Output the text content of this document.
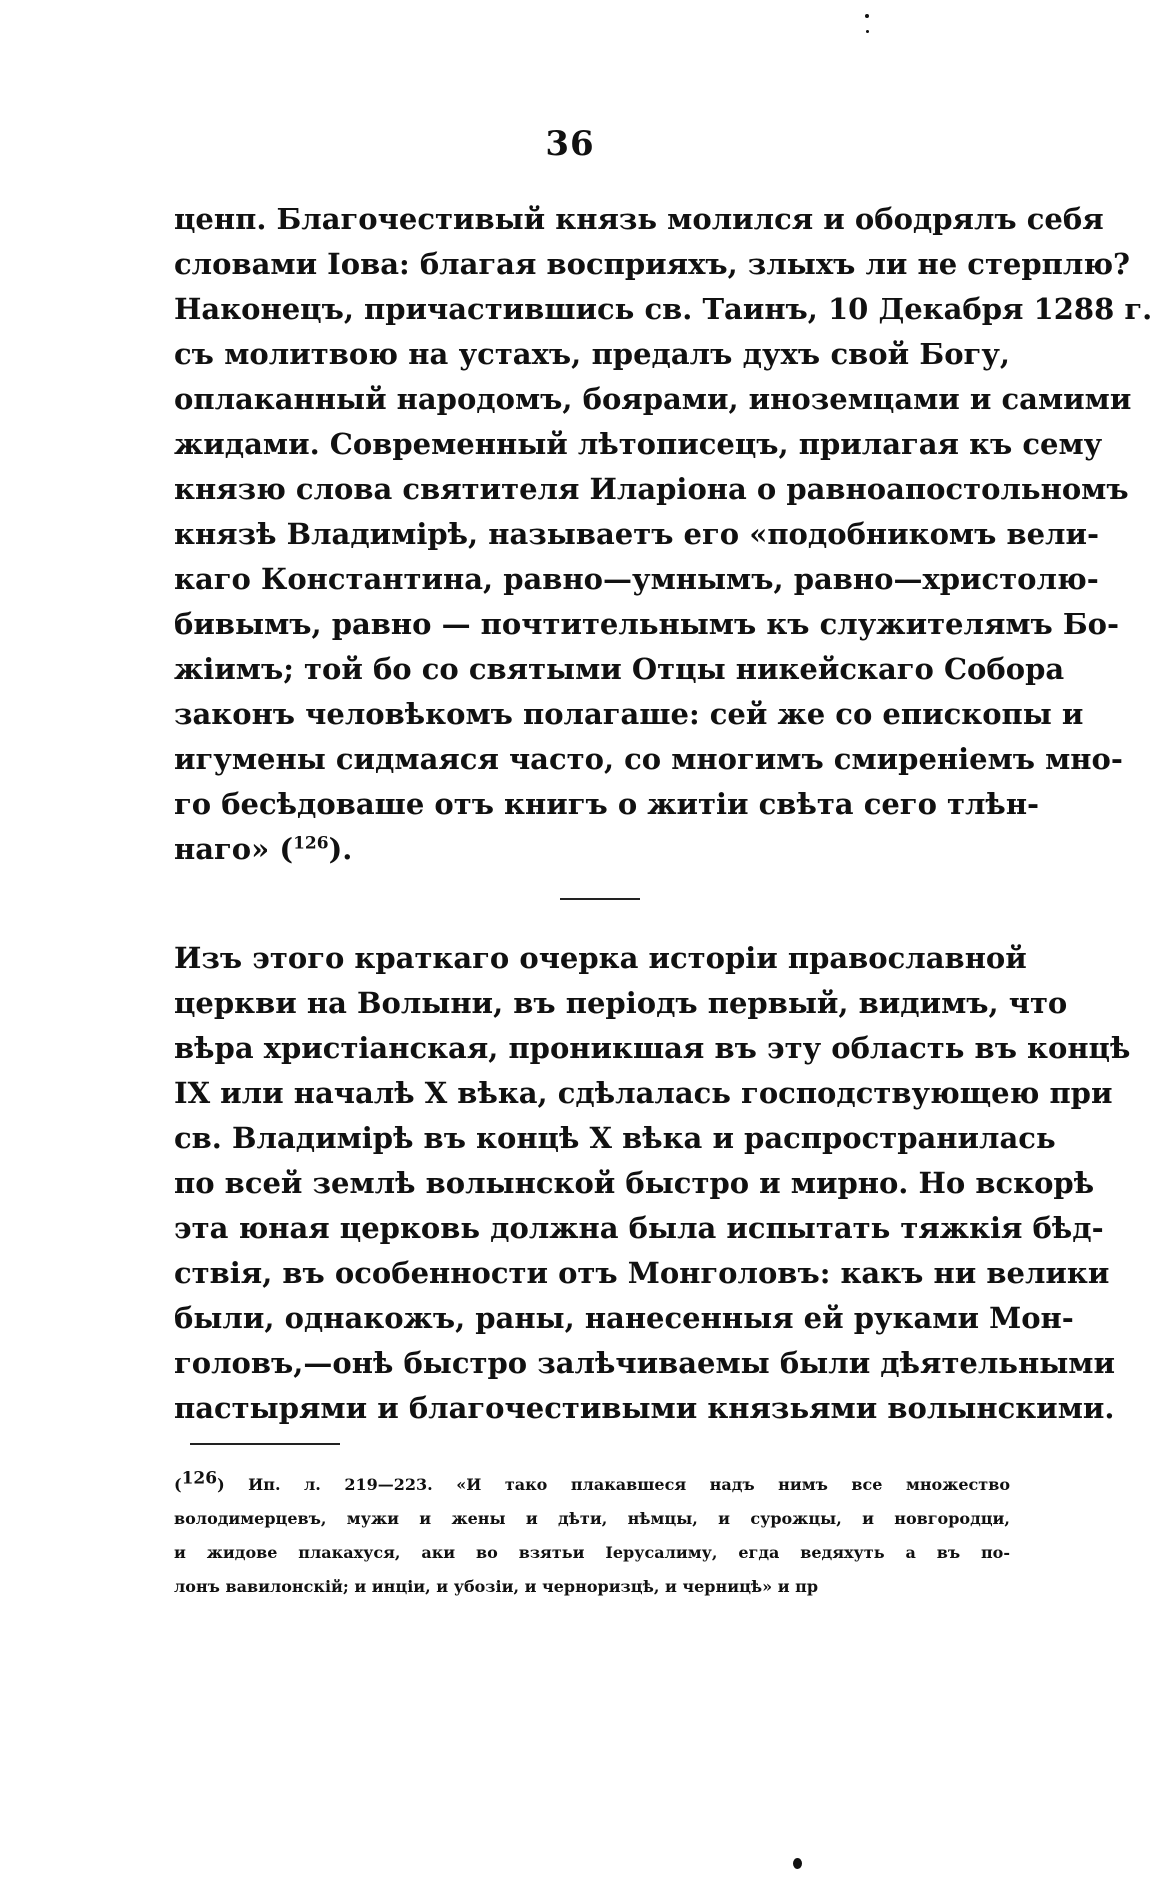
36
ценп. Благочестивый князь молился и ободрялъ себя
словами Іова: благая восприяхъ, злыхъ ли не стерплю?
Наконецъ, причастившись св. Таинъ, 10 Декабря 1288 г.
съ молитвою на устахъ, предалъ духъ свой Богу,
оплаканный народомъ, боярами, иноземцами и самими
жидами. Современный лѣтописецъ, прилагая къ сему
князю слова святителя Иларіона о равноапостольномъ
князѣ Владимірѣ, называетъ его «подобникомъ вели-
каго Константина, равно—умнымъ, равно—христолю-
бивымъ, равно — почтительнымъ къ служителямъ Бо-
жіимъ; той бо со святыми Отцы никейскаго Собора
законъ человѣкомъ полагаше: сей же со епископы и
игумены сидмаяся часто, со многимъ смиреніемъ мно-
го бесѣдоваше отъ книгъ о житіи свѣта сего тлѣн-
наго» ($^{126}$).
Изъ этого краткаго очерка исторіи православной
церкви на Волыни, въ періодъ первый, видимъ, что
вѣра христіанская, проникшая въ эту область въ концѣ
IX или началѣ X вѣка, сдѣлалась господствующею при
св. Владимірѣ въ концѣ X вѣка и распространилась
по всей землѣ волынской быстро и мирно. Но вскорѣ
эта юная церковь должна была испытать тяжкія бѣд-
ствія, въ особенности отъ Монголовъ: какъ ни велики
были, однакожъ, раны, нанесенныя ей руками Мон-
головъ,—онѣ быстро залѣчиваемы были дѣятельными
пастырями и благочестивыми князьями волынскими.
(126) Ип. л. 219—223. «И тако плакавшеся надъ нимъ все множество
володимерцевъ, мужи и жены и дѣти, нѣмцы, и сурожцы, и новгородци,
и жидове плакахуся, аки во взятьи Іерусалиму, егда ведяхуть а въ по-
лонъ вавилонскій; и инціи, и убозіи, и черноризцѣ, и черницѣ» и пр
